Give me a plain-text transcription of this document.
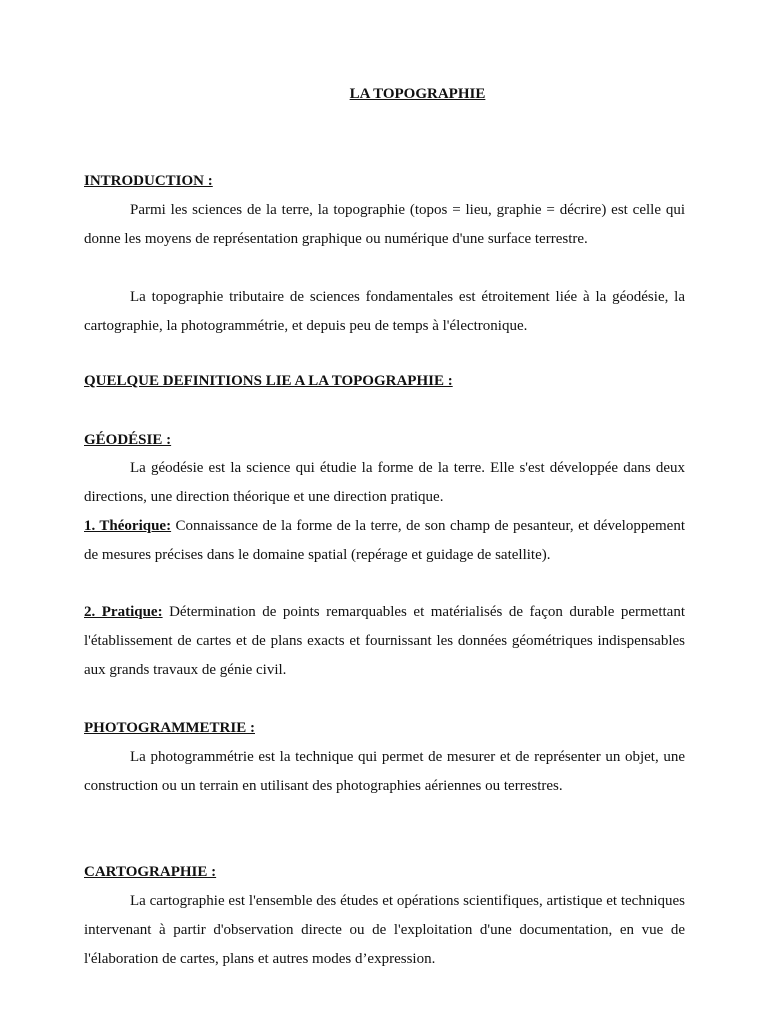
LA TOPOGRAPHIE
INTRODUCTION :

Parmi les sciences de la terre, la topographie (topos = lieu, graphie = décrire) est celle qui donne les moyens de représentation graphique ou numérique d'une surface terrestre.

La topographie tributaire de sciences fondamentales est étroitement liée à la géodésie, la cartographie, la photogrammétrie, et depuis peu de temps à l'électronique.

QUELQUE DEFINITIONS LIE A LA TOPOGRAPHIE :
GÉODÉSIE :

La géodésie est la science qui étudie la forme de la terre. Elle s'est développée dans deux directions, une direction théorique et une direction pratique.

1. Théorique: Connaissance de la forme de la terre, de son champ de pesanteur, et développement de mesures précises dans le domaine spatial (repérage et guidage de satellite).

2. Pratique: Détermination de points remarquables et matérialisés de façon durable permettant l'établissement de cartes et de plans exacts et fournissant les données géométriques indispensables aux grands travaux de génie civil.

PHOTOGRAMMETRIE :

La photogrammétrie est la technique qui permet de mesurer et de représenter un objet, une construction ou un terrain en utilisant des photographies aériennes ou terrestres.

CARTOGRAPHIE :

La cartographie est l'ensemble des études et opérations scientifiques, artistique et techniques intervenant à partir d'observation directe ou de l'exploitation d'une documentation, en vue de l'élaboration de cartes, plans et autres modes d’expression.
